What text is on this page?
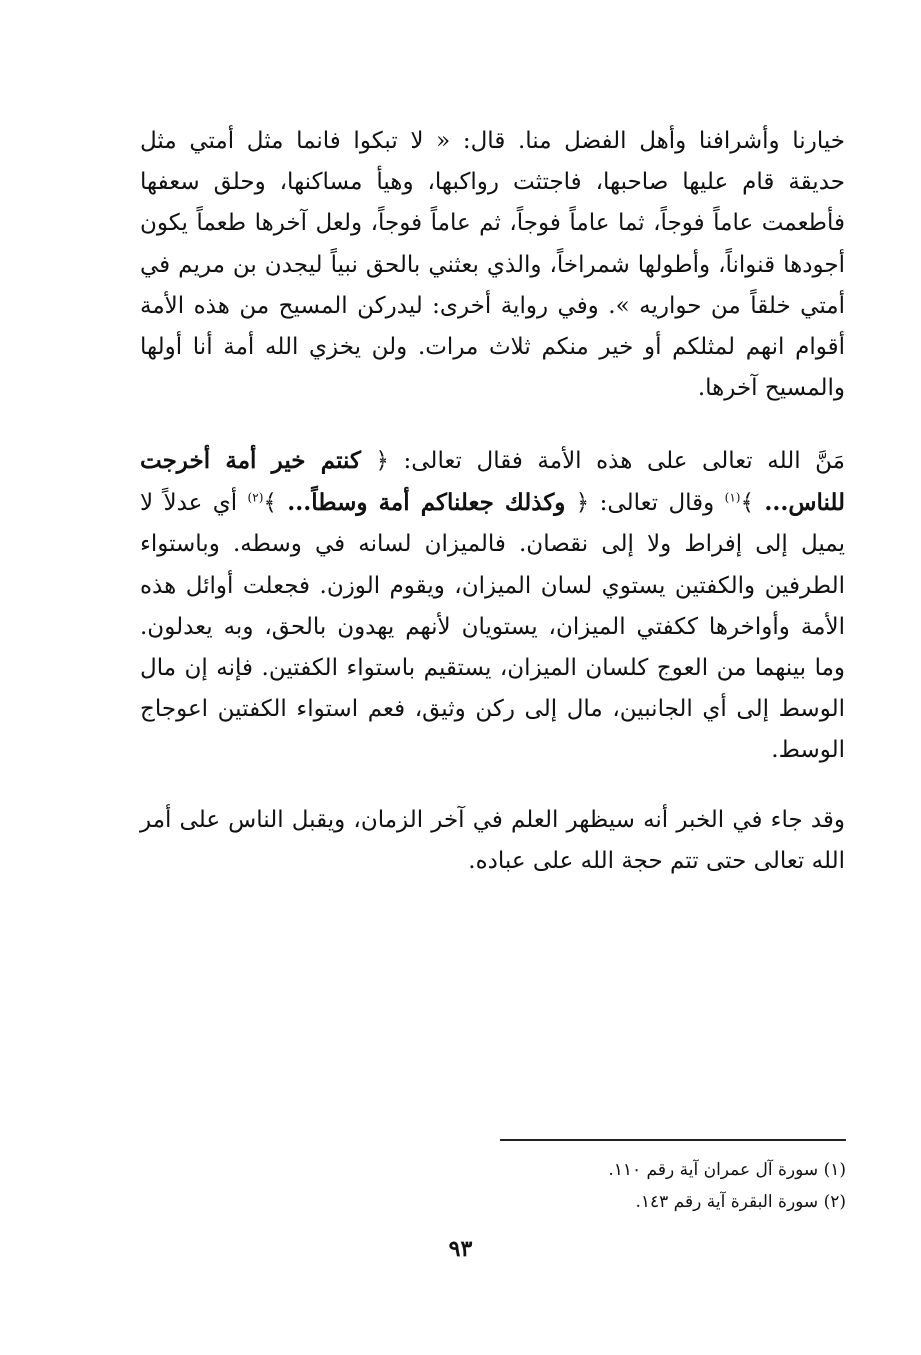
خيارنا وأشرافنا وأهل الفضل منا. قال: « لا تبكوا فانما مثل أمتي مثل حديقة قام عليها صاحبها، فاجتثت رواكبها، وهيأ مساكنها، وحلق سعفها فأطعمت عاماً فوجاً، ثما عاماً فوجاً، ثم عاماً فوجاً، ولعل آخرها طعماً يكون أجودها قنواناً، وأطولها شمراخاً، والذي بعثني بالحق نبياً ليجدن بن مريم في أمتي خلقاً من حواريه ». وفي رواية أخرى: ليدركن المسيح من هذه الأمة أقوام انهم لمثلكم أو خير منكم ثلاث مرات. ولن يخزي الله أمة أنا أولها والمسيح آخرها.

مَنَّ الله تعالى على هذه الأمة فقال تعالى: ﴿ كنتم خير أمة أخرجت للناس... ﴾$^{(١)}$ وقال تعالى: ﴿ وكذلك جعلناكم أمة وسطاً... ﴾$^{(٢)}$ أي عدلاً لا يميل إلى إفراط ولا إلى نقصان. فالميزان لسانه في وسطه. وباستواء الطرفين والكفتين يستوي لسان الميزان، ويقوم الوزن. فجعلت أوائل هذه الأمة وأواخرها ككفتي الميزان، يستويان لأنهم يهدون بالحق، وبه يعدلون. وما بينهما من العوج كلسان الميزان، يستقيم باستواء الكفتين. فإنه إن مال الوسط إلى أي الجانبين، مال إلى ركن وثيق، فعم استواء الكفتين اعوجاج الوسط.

وقد جاء في الخبر أنه سيظهر العلم في آخر الزمان، ويقبل الناس على أمر الله تعالى حتى تتم حجة الله على عباده.

(١) سورة آل عمران آية رقم ١١٠.
(٢) سورة البقرة آية رقم ١٤٣.
٩٣
